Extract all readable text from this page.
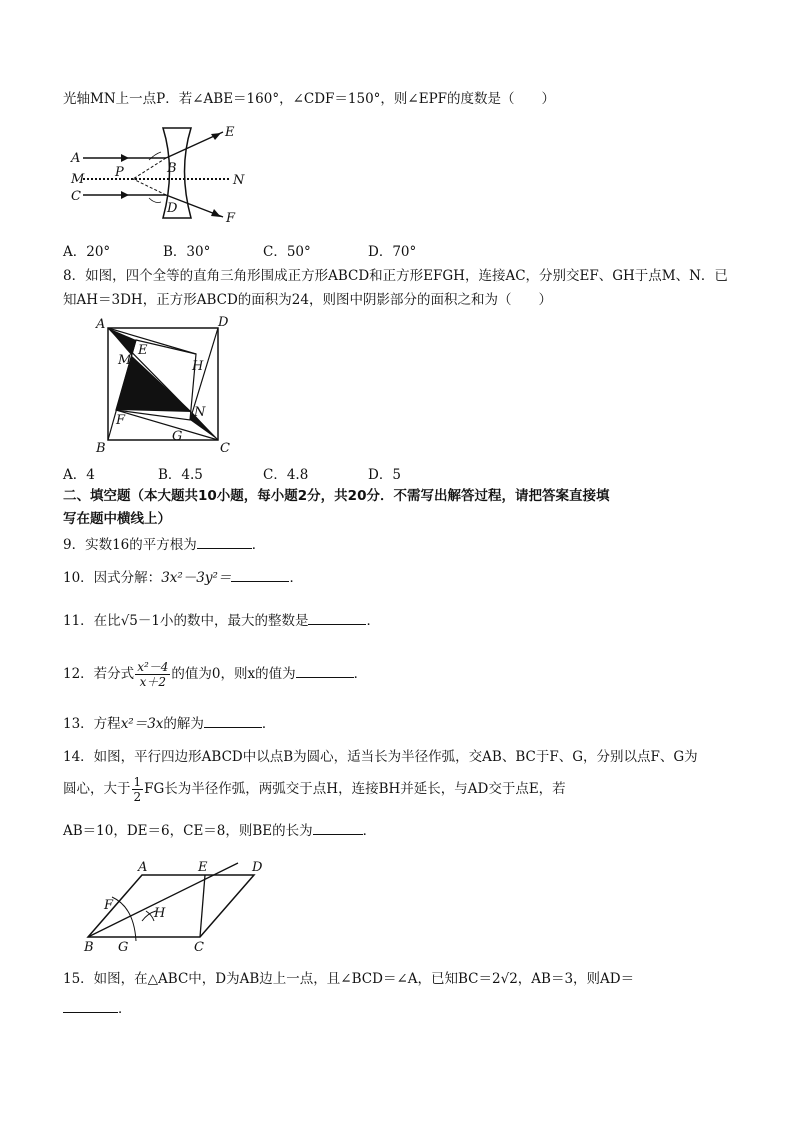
光轴MN上一点P．若∠ABE＝160°，∠CDF＝150°，则∠EPF的度数是（　　）
A
M
C
P	B
D
E
N
F
A．20°	B．30°	C．50°	D．70°
8．如图，四个全等的直角三角形围成正方形ABCD和正方形EFGH，连接AC，分别交EF、GH于点M、N．已
知AH＝3DH，正方形ABCD的面积为24，则图中阴影部分的面积之和为（　　）
A	D
E
M	H
N
F
G
B	C
A．4	B．4.5	C．4.8	D．5
二、填空题（本大题共10小题，每小题2分，共20分．不需写出解答过程，请把答案直接填
写在题中横线上）
9．实数16的平方根为	．
10．因式分解：3x²－3y²＝	．
11．在比√5－1小的数中，最大的整数是	．
12．若分式 $\frac{\text{x²－4}}{x+2}$ 的值为0，则x的值为	．
13．方程x²＝3x的解为	．
14．如图，平行四边形ABCD中以点B为圆心，适当长为半径作弧，交AB、BC于F、G，分别以点F、G为
圆心，大于 $\frac{1}{2}$ FG长为半径作弧，两弧交于点H，连接BH并延长，与AD交于点E，若
AB＝10，DE＝6，CE＝8，则BE的长为	．
A	E	D
F
H
B G	C
15．如图，在△ABC中，D为AB边上一点，且∠BCD＝∠A，已知BC＝2√2，AB＝3，则AD＝
．
